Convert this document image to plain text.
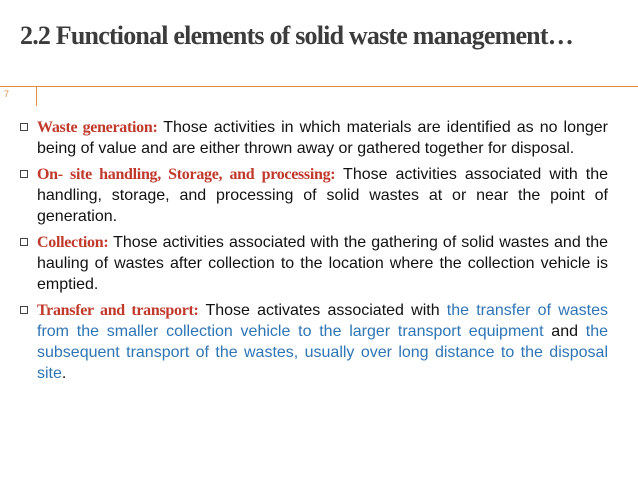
2.2 Functional elements of solid waste management…
7
Waste generation: Those activities in which materials are identified as no longer being of value and are either thrown away or gathered together for disposal.
On- site handling, Storage, and processing: Those activities associated with the handling, storage, and processing of solid wastes at or near the point of generation.
Collection: Those activities associated with the gathering of solid wastes and the hauling of wastes after collection to the location where the collection vehicle is emptied.
Transfer and transport: Those activates associated with the transfer of wastes from the smaller collection vehicle to the larger transport equipment and the subsequent transport of the wastes, usually over long distance to the disposal site.
